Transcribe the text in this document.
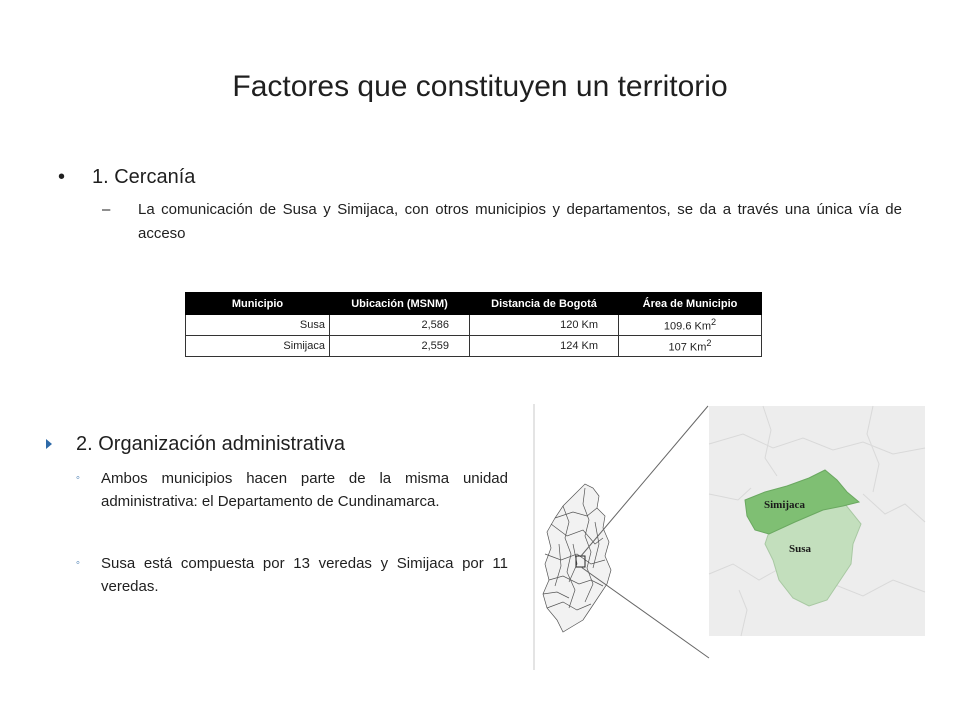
Factores que constituyen un territorio
• 1. Cercanía
– La comunicación de Susa y Simijaca, con otros municipios y departamentos, se da a través una única vía de acceso
Municipio	Ubicación (MSNM)	Distancia de Bogotá	Área de Municipio
Susa	2,586	120 Km	109.6 Km$^2$
Simijaca	2,559	124 Km	107 Km$^2$
2. Organización administrativa
◦ Ambos municipios hacen parte de la misma unidad administrativa: el Departamento de Cundinamarca.
◦ Susa está compuesta por 13 veredas y Simijaca por 11 veredas.
Simijaca
Susa
